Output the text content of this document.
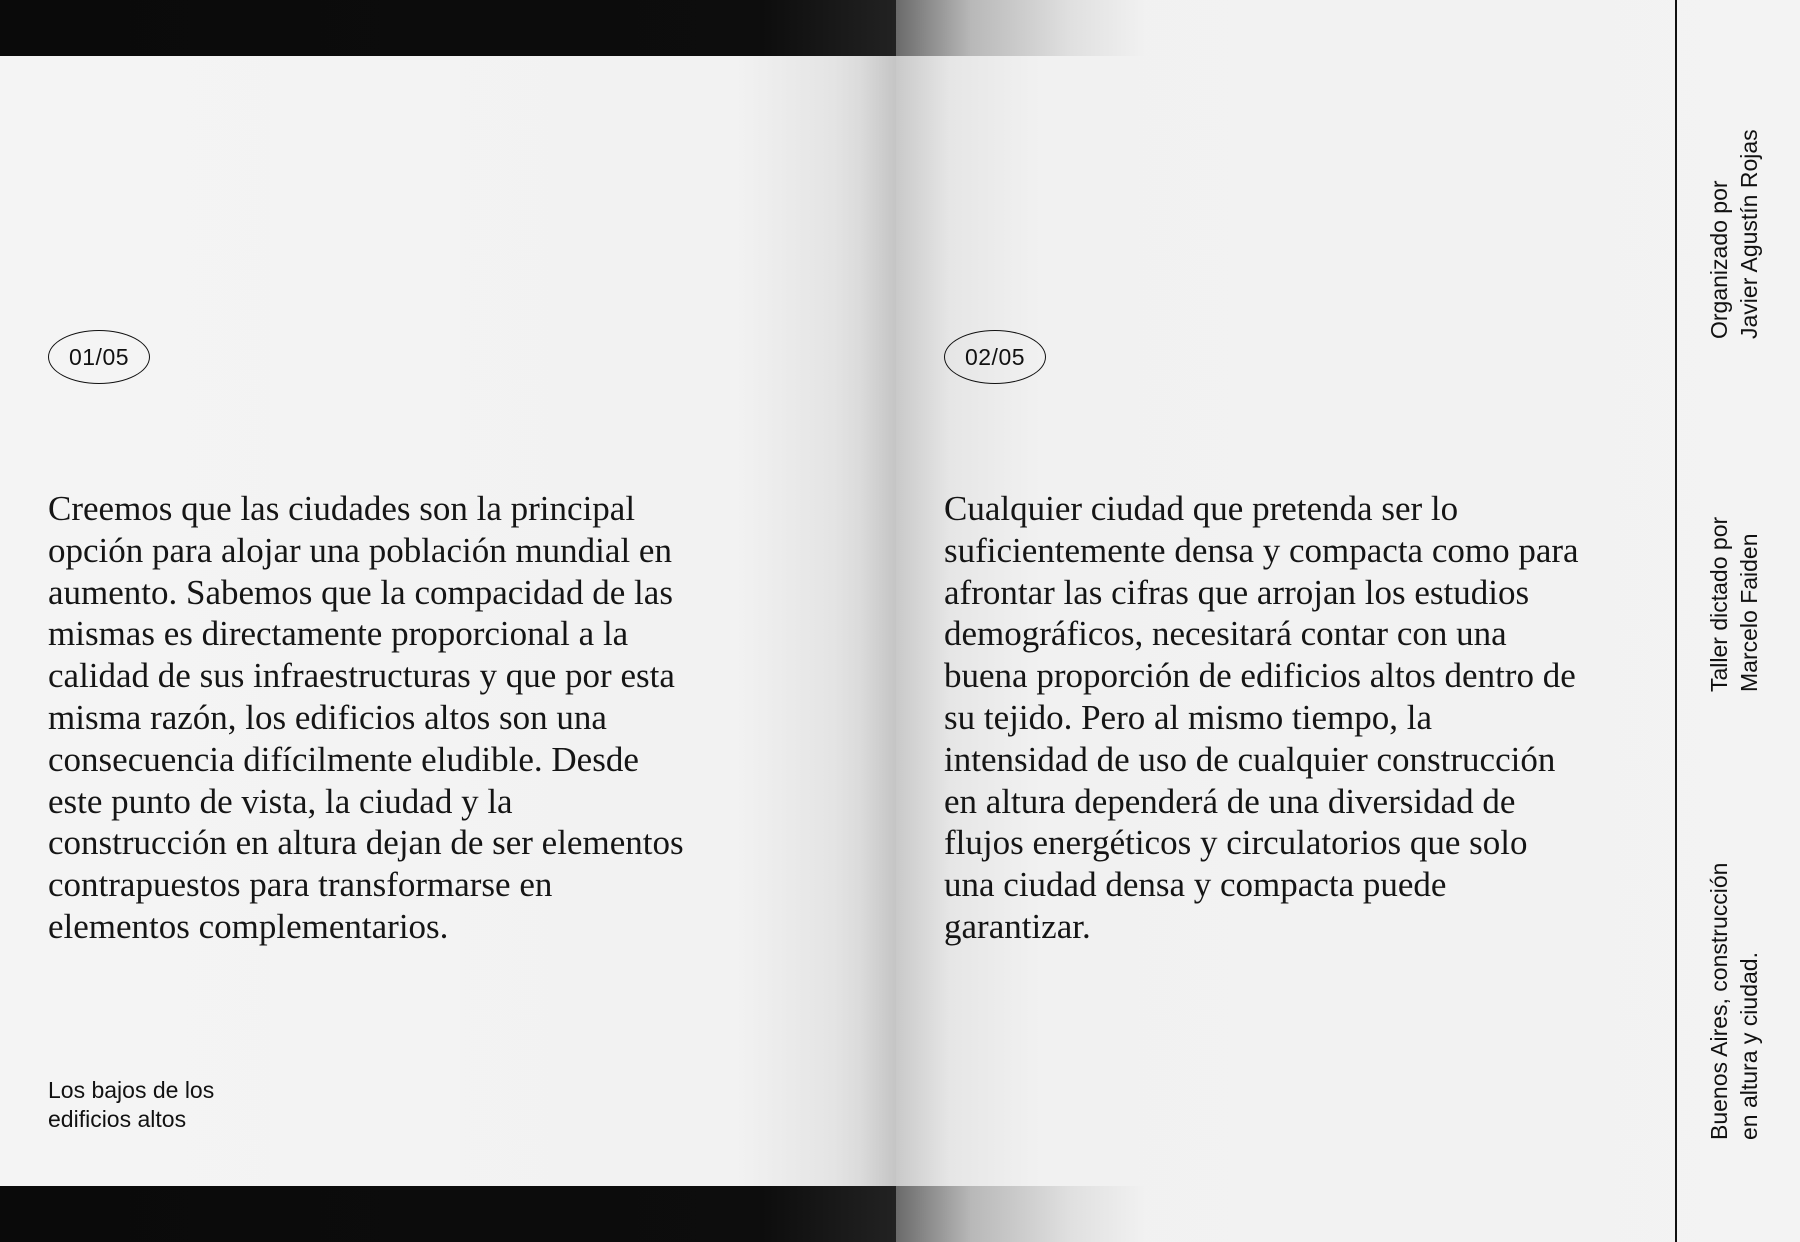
01/05

Creemos que las ciudades son la principal opción para alojar una población mundial en aumento. Sabemos que la compacidad de las mismas es directamente proporcional a la calidad de sus infraestructuras y que por esta misma razón, los edificios altos son una consecuencia difícilmente eludible. Desde este punto de vista, la ciudad y la construcción en altura dejan de ser elementos contrapuestos para transformarse en elementos complementarios.

Los bajos de los
edificios altos
02/05

Cualquier ciudad que pretenda ser lo suficientemente densa y compacta como para afrontar las cifras que arrojan los estudios demográficos, necesitará contar con una buena proporción de edificios altos dentro de su tejido. Pero al mismo tiempo, la intensidad de uso de cualquier construcción en altura dependerá de una diversidad de flujos energéticos y circulatorios que solo una ciudad densa y compacta puede garantizar.

Organizado por Javier Agustín Rojas
Taller dictado por Marcelo Faiden
Buenos Aires, construcción en altura y ciudad.
